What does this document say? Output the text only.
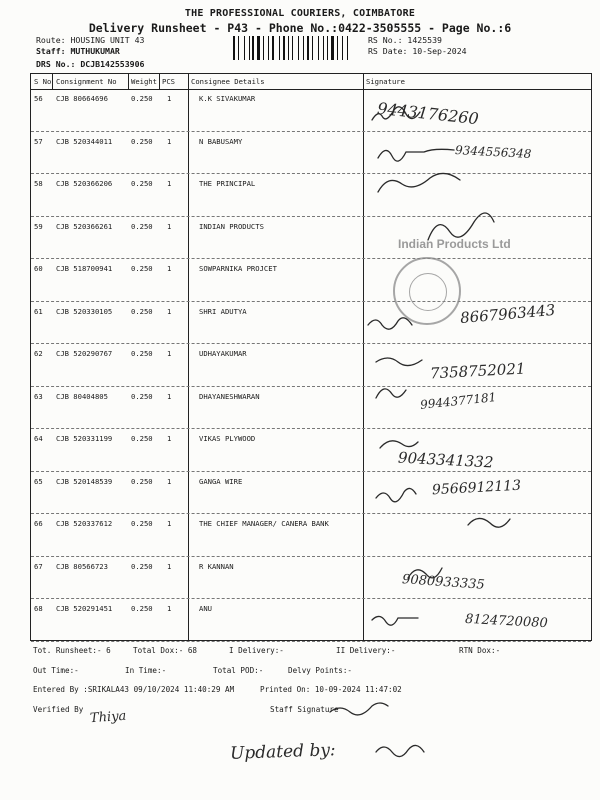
THE PROFESSIONAL COURIERS, COIMBATORE
Delivery Runsheet - P43 - Phone No.:0422-3505555 - Page No.:6
Route: HOUSING UNIT 43
Staff: MUTHUKUMAR
DRS No.: DCJB142553906
RS No.: 1425539
RS Date: 10-Sep-2024
S No Consignment No Weight PCS Consignee Details	Signature
56 CJB 80664696	0.250 1	K.K SIVAKUMAR
57 CJB 520344011	0.250 1	N BABUSAMY
58 CJB 520366206	0.250 1	THE PRINCIPAL
59 CJB 520366261	0.250 1	INDIAN PRODUCTS
60 CJB 518700941	0.250 1	SOWPARNIKA PROJCET
61 CJB 520330105	0.250 1	SHRI ADUTYA
62 CJB 520290767	0.250 1	UDHAYAKUMAR
63 CJB 80404805	0.250 1	DHAYANESHWARAN
64 CJB 520331199	0.250 1	VIKAS PLYWOOD
65 CJB 520148539	0.250 1	GANGA WIRE
66 CJB 520337612	0.250 1	THE CHIEF MANAGER/ CANERA BANK
67 CJB 80566723	0.250 1	R KANNAN
68 CJB 520291451	0.250 1	ANU
Tot. Runsheet:- 6	Total Dox:- 68	I Delivery:-	II Delivery:-	RTN Dox:-
Out Time:-	In Time:-	Total POD:-	Delvy Points:-
Entered By :SRIKALA43 09/10/2024 11:40:29 AM	Printed On: 10-09-2024 11:47:02
Verified By	Staff Signature
Indian Products Ltd
9443176260
9344556348
8667963443
7358752021
9944377181
9043341332
9566912113
9080933335
8124720080
Thiya
Updated by:
